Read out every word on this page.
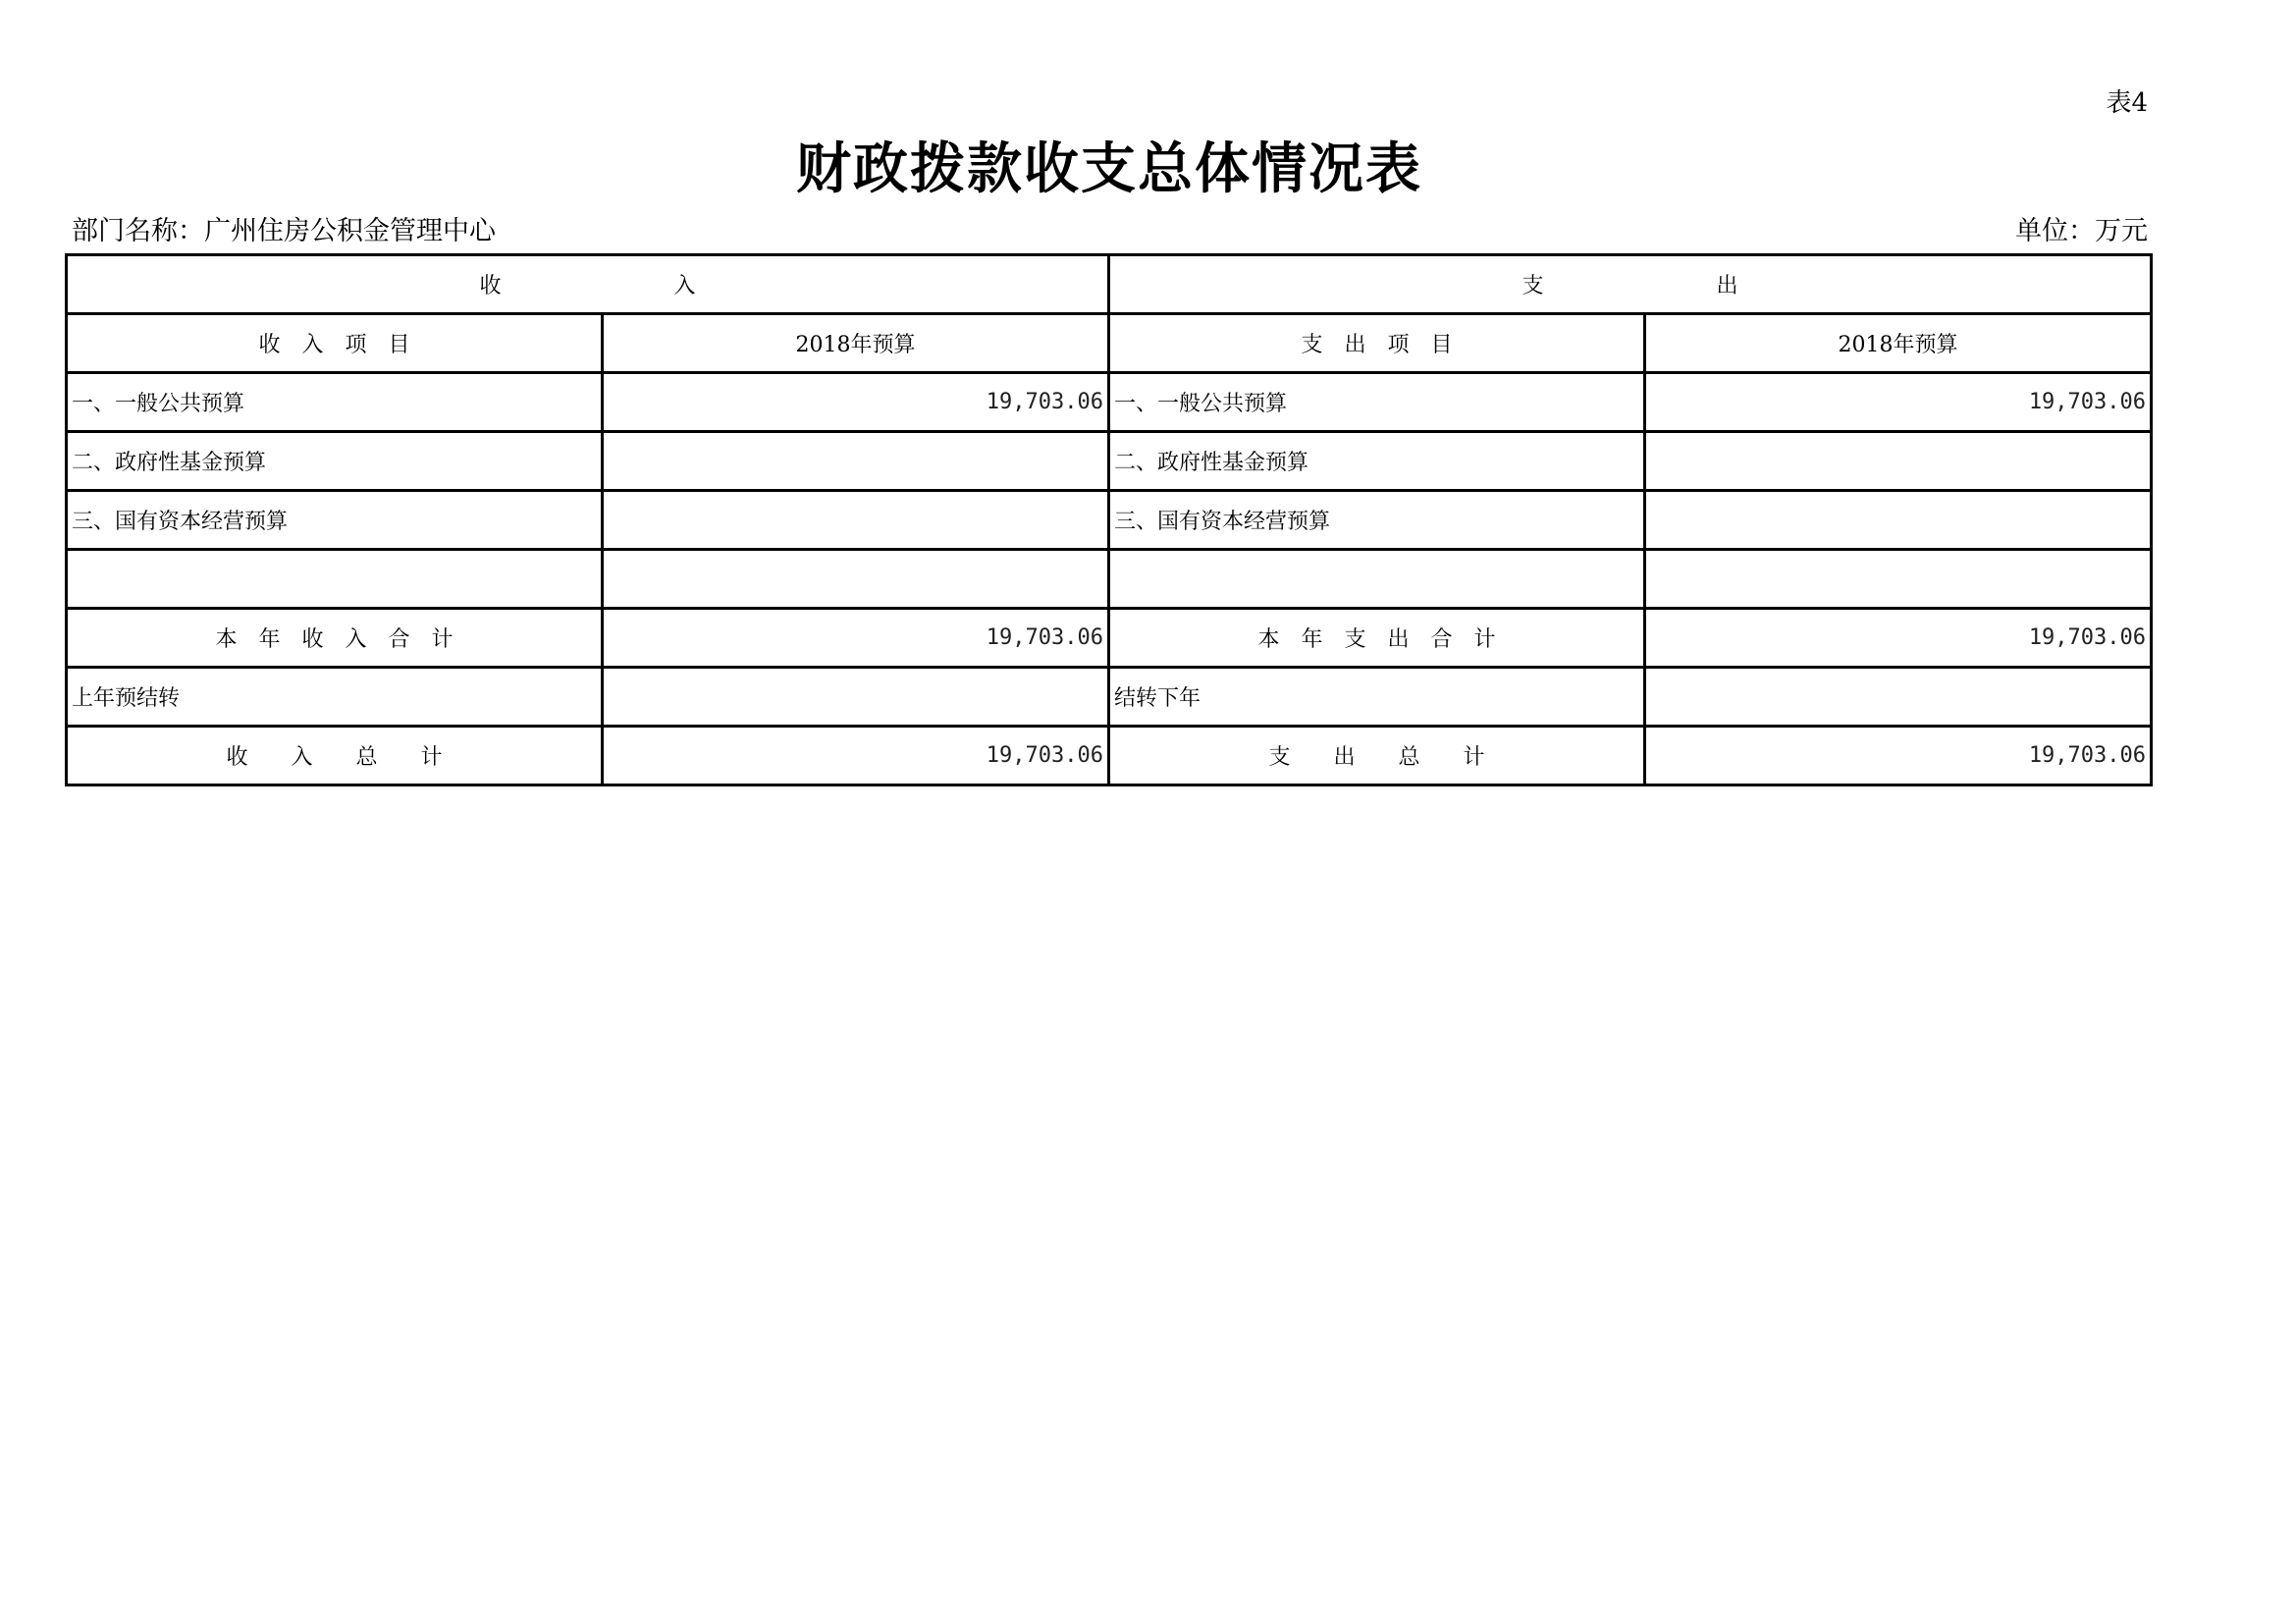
表4
财政拨款收支总体情况表
部门名称：广州住房公积金管理中心	单位：万元
收　　　　　　　　入		支　　　　　　　　出	
收　入　项　目	2018年预算	支　出　项　目	2018年预算
一、一般公共预算	19,703.06	一、一般公共预算	19,703.06
二、政府性基金预算		二、政府性基金预算	
三、国有资本经营预算		三、国有资本经营预算	

本　年　收　入　合　计	19,703.06	本　年　支　出　合　计	19,703.06
上年预结转		结转下年	
收　　入　　总　　计	19,703.06	支　　出　　总　　计	19,703.06
